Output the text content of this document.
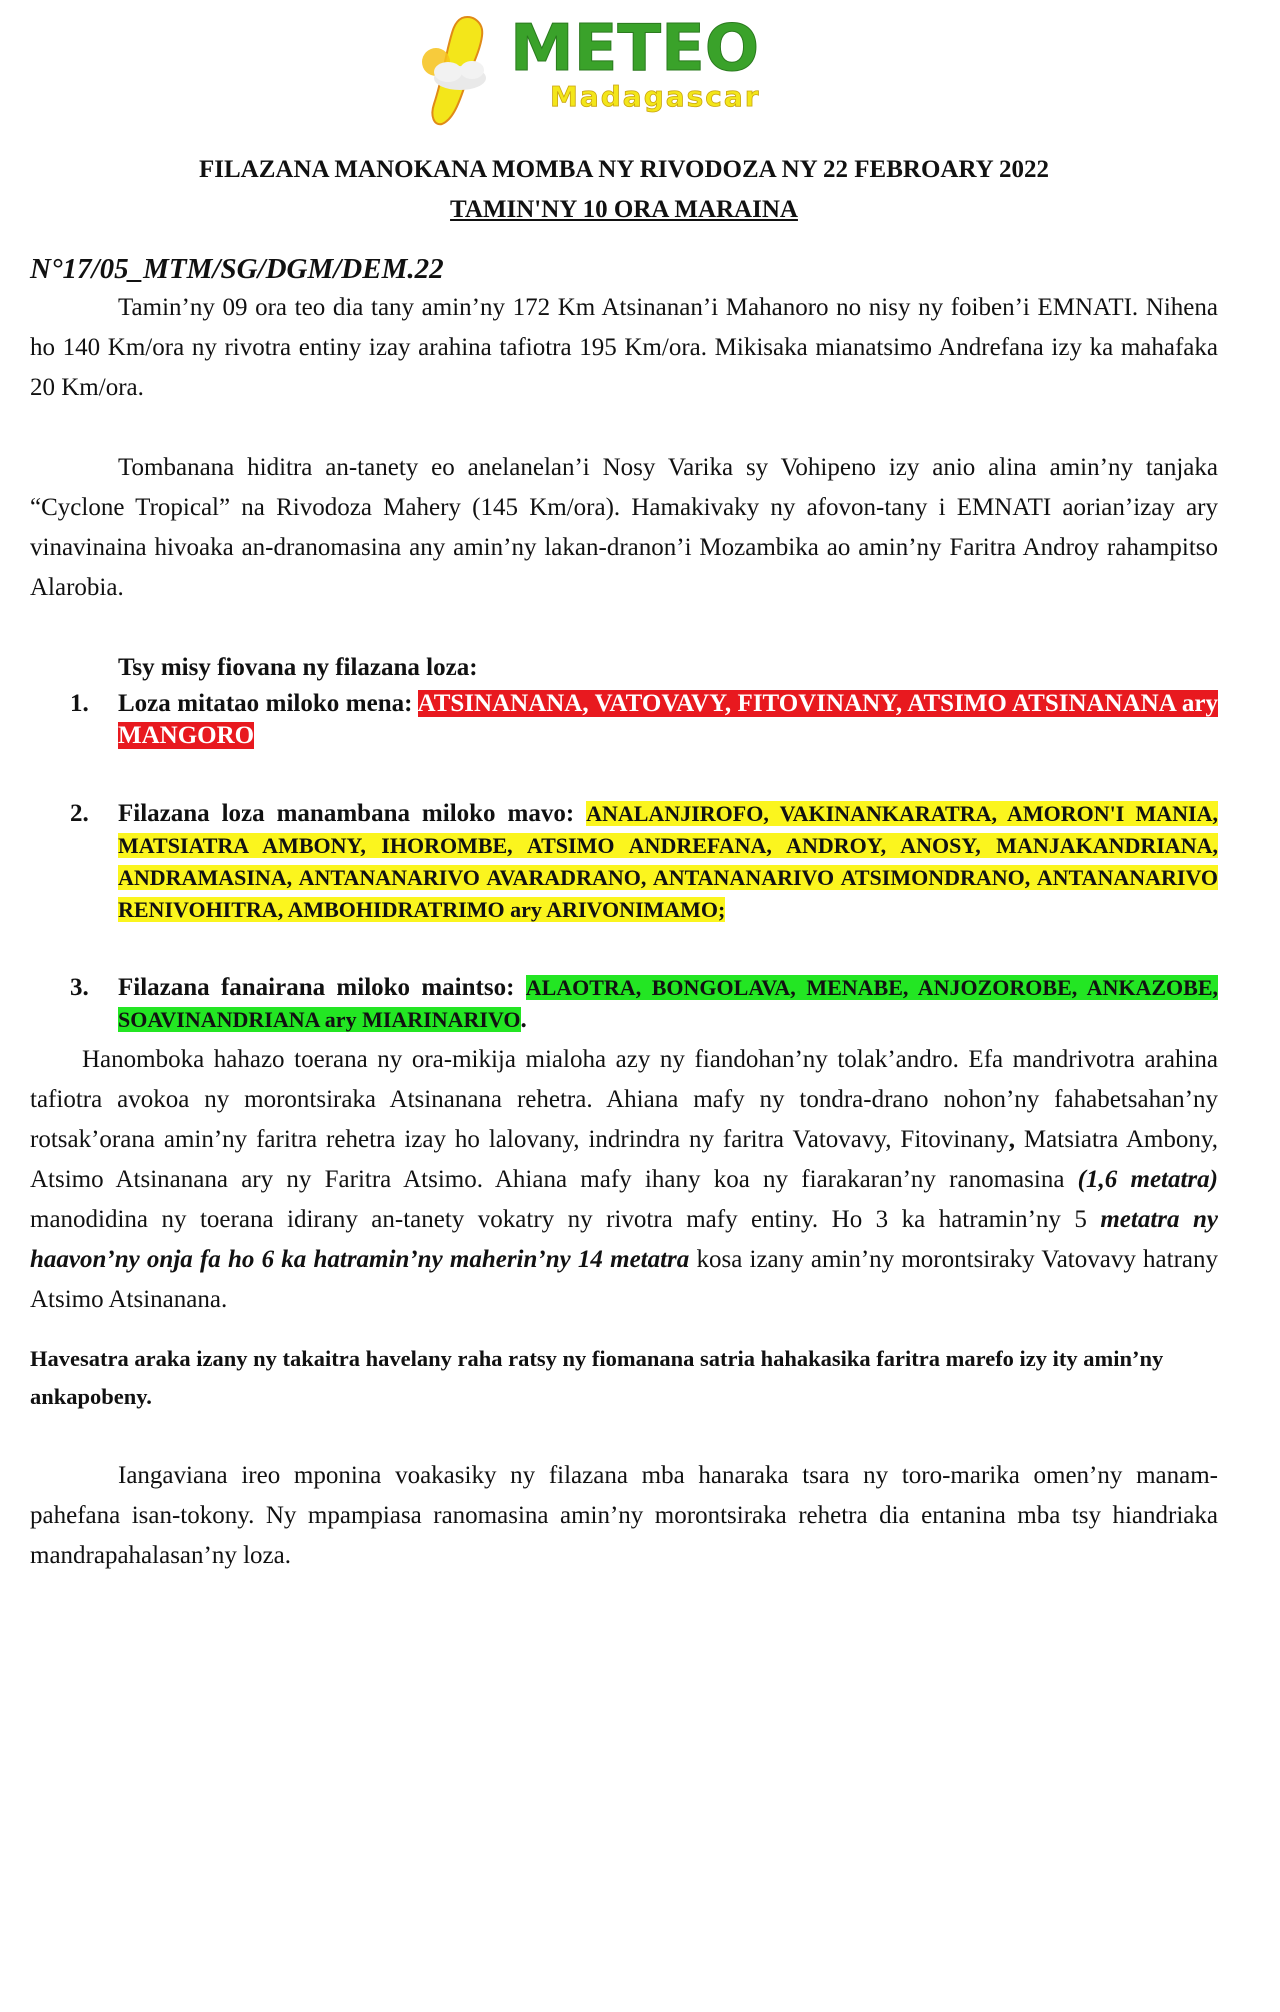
METEO
Madagascar
FILAZANA MANOKANA MOMBA NY RIVODOZA NY 22 FEBROARY 2022
TAMIN'NY 10 ORA MARAINA

N°17/05_MTM/SG/DGM/DEM.22

Tamin’ny 09 ora teo dia tany amin’ny 172 Km Atsinanan’i Mahanoro no nisy ny foiben’i EMNATI. Nihena ho 140 Km/ora ny rivotra entiny izay arahina tafiotra 195 Km/ora. Mikisaka mianatsimo Andrefana izy ka mahafaka 20 Km/ora.

Tombanana hiditra an-tanety eo anelanelan’i Nosy Varika sy Vohipeno izy anio alina amin’ny tanjaka “Cyclone Tropical” na Rivodoza Mahery (145 Km/ora). Hamakivaky ny afovon-tany i EMNATI aorian’izay ary vinavinaina hivoaka an-dranomasina any amin’ny lakan-dranon’i Mozambika ao amin’ny Faritra Androy rahampitso Alarobia.

Tsy misy fiovana ny filazana loza:

1. Loza mitatao miloko mena: ATSINANANA, VATOVAVY, FITOVINANY, ATSIMO ATSINANANA ary MANGORO
2. Filazana loza manambana miloko mavo: ANALANJIROFO, VAKINANKARATRA, AMORON'I MANIA, MATSIATRA AMBONY, IHOROMBE, ATSIMO ANDREFANA, ANDROY, ANOSY, MANJAKANDRIANA, ANDRAMASINA, ANTANANARIVO AVARADRANO, ANTANANARIVO ATSIMONDRANO, ANTANANARIVO RENIVOHITRA, AMBOHIDRATRIMO ary ARIVONIMAMO;
3. Filazana fanairana miloko maintso: ALAOTRA, BONGOLAVA, MENABE, ANJOZOROBE, ANKAZOBE, SOAVINANDRIANA ary MIARINARIVO.

Hanomboka hahazo toerana ny ora-mikija mialoha azy ny fiandohan’ny tolak’andro. Efa mandrivotra arahina tafiotra avokoa ny morontsiraka Atsinanana rehetra. Ahiana mafy ny tondra-drano nohon’ny fahabetsahan’ny rotsak’orana amin’ny faritra rehetra izay ho lalovany, indrindra ny faritra Vatovavy, Fitovinany, Matsiatra Ambony, Atsimo Atsinanana ary ny Faritra Atsimo. Ahiana mafy ihany koa ny fiarakaran’ny ranomasina (1,6 metatra) manodidina ny toerana idirany an-tanety vokatry ny rivotra mafy entiny. Ho 3 ka hatramin’ny 5 metatra ny haavon’ny onja fa ho 6 ka hatramin’ny maherin’ny 14 metatra kosa izany amin’ny morontsiraky Vatovavy hatrany Atsimo Atsinanana.

Havesatra araka izany ny takaitra havelany raha ratsy ny fiomanana satria hahakasika faritra marefo izy ity amin’ny ankapobeny.

Iangaviana ireo mponina voakasiky ny filazana mba hanaraka tsara ny toro-marika omen’ny manam-pahefana isan-tokony. Ny mpampiasa ranomasina amin’ny morontsiraka rehetra dia entanina mba tsy hiandriaka mandrapahalasan’ny loza.
